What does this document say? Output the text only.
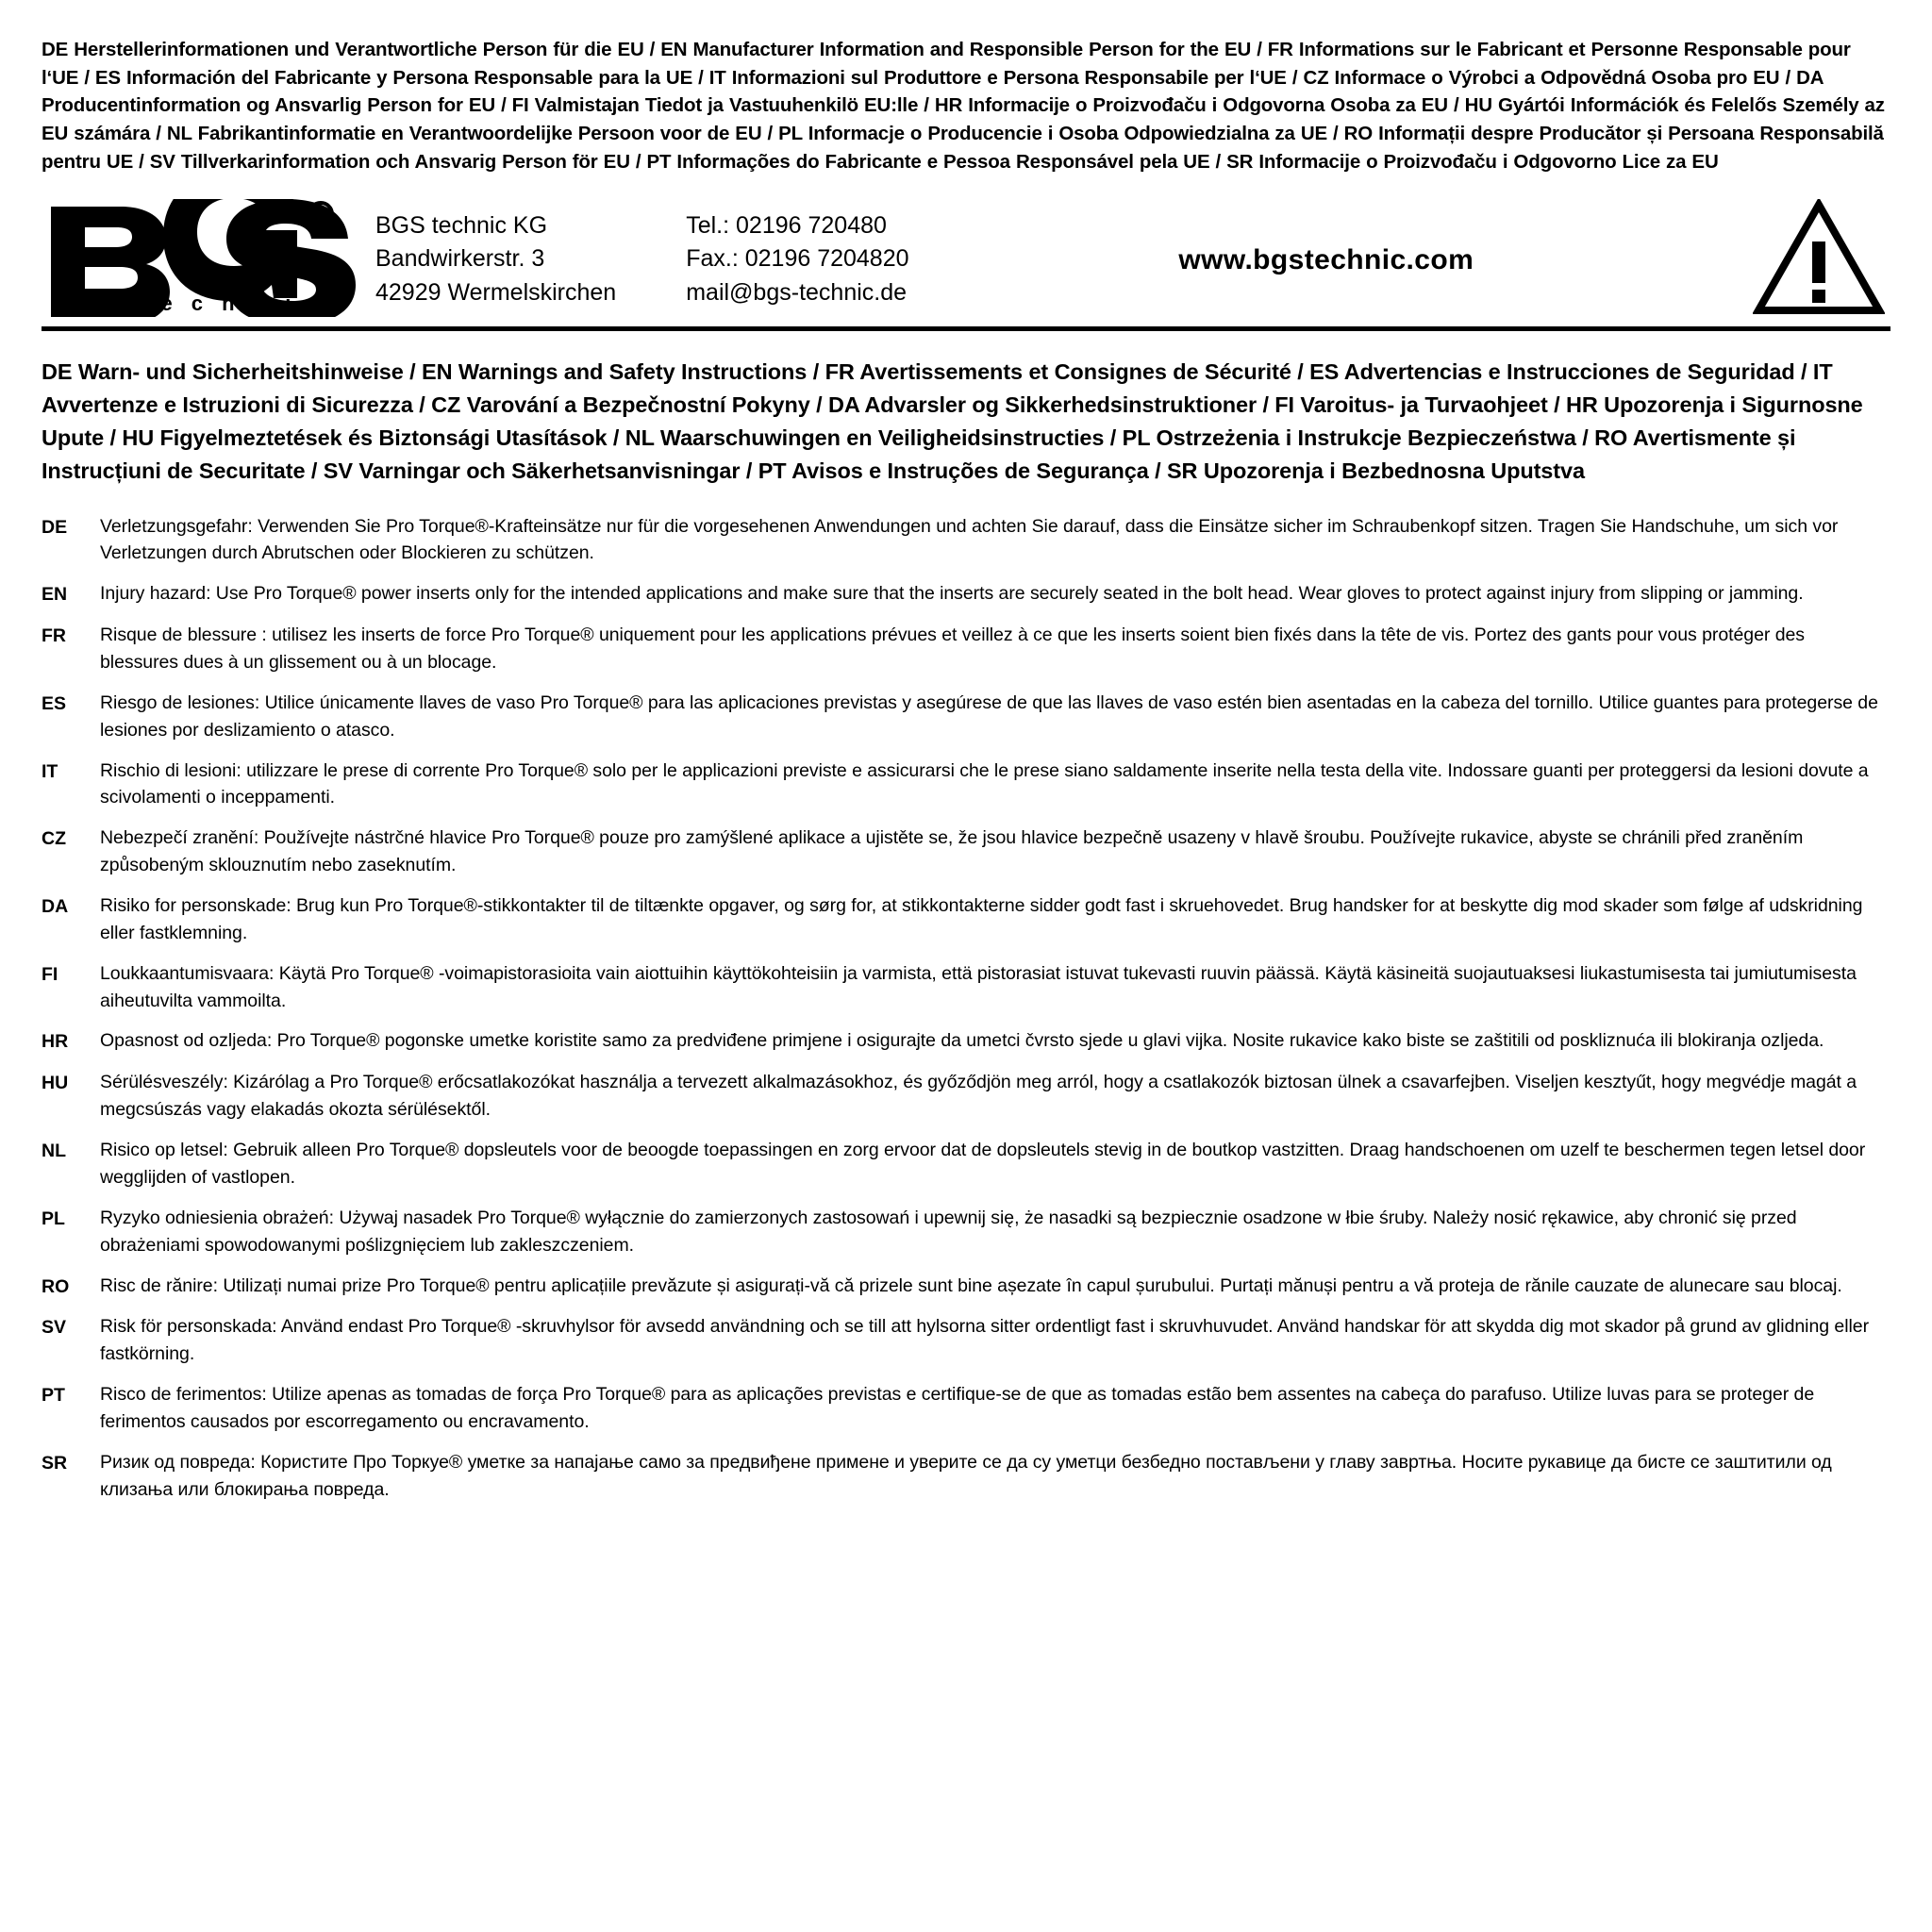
DE Herstellerinformationen und Verantwortliche Person für die EU / EN Manufacturer Information and Responsible Person for the EU / FR Informations sur le Fabricant et Personne Responsable pour l‘UE / ES Información del Fabricante y Persona Responsable para la UE / IT Informazioni sul Produttore e Persona Responsabile per l‘UE / CZ Informace o Výrobci a Odpovědná Osoba pro EU / DA Producentinformation og Ansvarlig Person for EU / FI Valmistajan Tiedot ja Vastuuhenkilö EU:lle / HR Informacije o Proizvođaču i Odgovorna Osoba za EU / HU Gyártói Információk és Felelős Személy az EU számára / NL Fabrikantinformatie en Verantwoordelijke Persoon voor de EU / PL Informacje o Producencie i Osoba Odpowiedzialna za UE / RO Informații despre Producător și Persoana Responsabilă pentru UE / SV Tillverkarinformation och Ansvarig Person för EU / PT Informações do Fabricante e Pessoa Responsável pela UE / SR Informacije o Proizvođaču i Odgovorno Lice za EU
R
t e c h n i c
BGS technic KG
Bandwirkerstr. 3
42929 Wermelskirchen
Tel.: 02196 720480
Fax.: 02196 7204820
mail@bgs-technic.de
www.bgstechnic.com
DE Warn- und Sicherheitshinweise / EN Warnings and Safety Instructions / FR Avertissements et Consignes de Sécurité / ES Advertencias e Instrucciones de Seguridad / IT Avvertenze e Istruzioni di Sicurezza / CZ Varování a Bezpečnostní Pokyny / DA Advarsler og Sikkerhedsinstruktioner / FI Varoitus- ja Turvaohjeet / HR Upozorenja i Sigurnosne Upute / HU Figyelmeztetések és Biztonsági Utasítások / NL Waarschuwingen en Veiligheidsinstructies / PL Ostrzeżenia i Instrukcje Bezpieczeństwa / RO Avertismente și Instrucțiuni de Securitate / SV Varningar och Säkerhetsanvisningar / PT Avisos e Instruções de Segurança / SR Upozorenja i Bezbednosna Uputstva
DE	Verletzungsgefahr: Verwenden Sie Pro Torque®-Krafteinsätze nur für die vorgesehenen Anwendungen und achten Sie darauf, dass die Einsätze sicher im Schraubenkopf sitzen. Tragen Sie Handschuhe, um sich vor Verletzungen durch Abrutschen oder Blockieren zu schützen.
EN	Injury hazard: Use Pro Torque® power inserts only for the intended applications and make sure that the inserts are securely seated in the bolt head. Wear gloves to protect against injury from slipping or jamming.
FR	Risque de blessure : utilisez les inserts de force Pro Torque® uniquement pour les applications prévues et veillez à ce que les inserts soient bien fixés dans la tête de vis. Portez des gants pour vous protéger des blessures dues à un glissement ou à un blocage.
ES	Riesgo de lesiones: Utilice únicamente llaves de vaso Pro Torque® para las aplicaciones previstas y asegúrese de que las llaves de vaso estén bien asentadas en la cabeza del tornillo. Utilice guantes para protegerse de lesiones por deslizamiento o atasco.
IT	Rischio di lesioni: utilizzare le prese di corrente Pro Torque® solo per le applicazioni previste e assicurarsi che le prese siano saldamente inserite nella testa della vite. Indossare guanti per proteggersi da lesioni dovute a scivolamenti o inceppamenti.
CZ	Nebezpečí zranění: Používejte nástrčné hlavice Pro Torque® pouze pro zamýšlené aplikace a ujistěte se, že jsou hlavice bezpečně usazeny v hlavě šroubu. Používejte rukavice, abyste se chránili před zraněním způsobeným sklouznutím nebo zaseknutím.
DA	Risiko for personskade: Brug kun Pro Torque®-stikkontakter til de tiltænkte opgaver, og sørg for, at stikkontakterne sidder godt fast i skruehovedet. Brug handsker for at beskytte dig mod skader som følge af udskridning eller fastklemning.
FI	Loukkaantumisvaara: Käytä Pro Torque® -voimapistorasioita vain aiottuihin käyttökohteisiin ja varmista, että pistorasiat istuvat tukevasti ruuvin päässä. Käytä käsineitä suojautuaksesi liukastumisesta tai jumiutumisesta aiheutuvilta vammoilta.
HR	Opasnost od ozljeda: Pro Torque® pogonske umetke koristite samo za predviđene primjene i osigurajte da umetci čvrsto sjede u glavi vijka. Nosite rukavice kako biste se zaštitili od poskliznuća ili blokiranja ozljeda.
HU	Sérülésveszély: Kizárólag a Pro Torque® erőcsatlakozókat használja a tervezett alkalmazásokhoz, és győződjön meg arról, hogy a csatlakozók biztosan ülnek a csavarfejben. Viseljen kesztyűt, hogy megvédje magát a megcsúszás vagy elakadás okozta sérülésektől.
NL	Risico op letsel: Gebruik alleen Pro Torque® dopsleutels voor de beoogde toepassingen en zorg ervoor dat de dopsleutels stevig in de boutkop vastzitten. Draag handschoenen om uzelf te beschermen tegen letsel door wegglijden of vastlopen.
PL	Ryzyko odniesienia obrażeń: Używaj nasadek Pro Torque® wyłącznie do zamierzonych zastosowań i upewnij się, że nasadki są bezpiecznie osadzone w łbie śruby. Należy nosić rękawice, aby chronić się przed obrażeniami spowodowanymi poślizgnięciem lub zakleszczeniem.
RO	Risc de rănire: Utilizați numai prize Pro Torque® pentru aplicațiile prevăzute și asigurați-vă că prizele sunt bine așezate în capul șurubului. Purtați mănuși pentru a vă proteja de rănile cauzate de alunecare sau blocaj.
SV	Risk för personskada: Använd endast Pro Torque® -skruvhylsor för avsedd användning och se till att hylsorna sitter ordentligt fast i skruvhuvudet. Använd handskar för att skydda dig mot skador på grund av glidning eller fastkörning.
PT	Risco de ferimentos: Utilize apenas as tomadas de força Pro Torque® para as aplicações previstas e certifique-se de que as tomadas estão bem assentes na cabeça do parafuso. Utilize luvas para se proteger de ferimentos causados por escorregamento ou encravamento.
SR	Ризик од повреда: Користите Про Торкуе® уметке за напајање само за предвиђене примене и уверите се да су уметци безбедно постављени у главу завртња. Носите рукавице да бисте се заштитили од клизања или блокирања повреда.
